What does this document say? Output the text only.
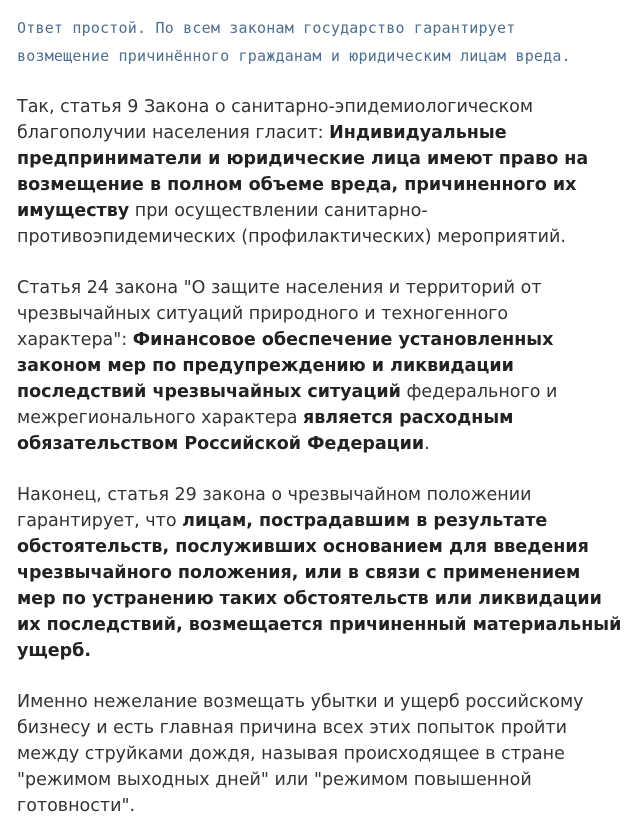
Ответ простой. По всем законам государство гарантирует
возмещение причинённого гражданам и юридическим лицам вреда.

Так, статья 9 Закона о санитарно-эпидемиологическом благополучии населения гласит: Индивидуальные предприниматели и юридические лица имеют право на возмещение в полном объеме вреда, причиненного их имуществу при осуществлении санитарно-противоэпидемических (профилактических) мероприятий.

Статья 24 закона "О защите населения и территорий от чрезвычайных ситуаций природного и техногенного характера": Финансовое обеспечение установленных законом мер по предупреждению и ликвидации последствий чрезвычайных ситуаций федерального и межрегионального характера является расходным обязательством Российской Федерации.

Наконец, статья 29 закона о чрезвычайном положении гарантирует, что лицам, пострадавшим в результате обстоятельств, послуживших основанием для введения чрезвычайного положения, или в связи с применением мер по устранению таких обстоятельств или ликвидации их последствий, возмещается причиненный материальный ущерб.

Именно нежелание возмещать убытки и ущерб российскому бизнесу и есть главная причина всех этих попыток пройти между струйками дождя, называя происходящее в стране "режимом выходных дней" или "режимом повышенной готовности".
